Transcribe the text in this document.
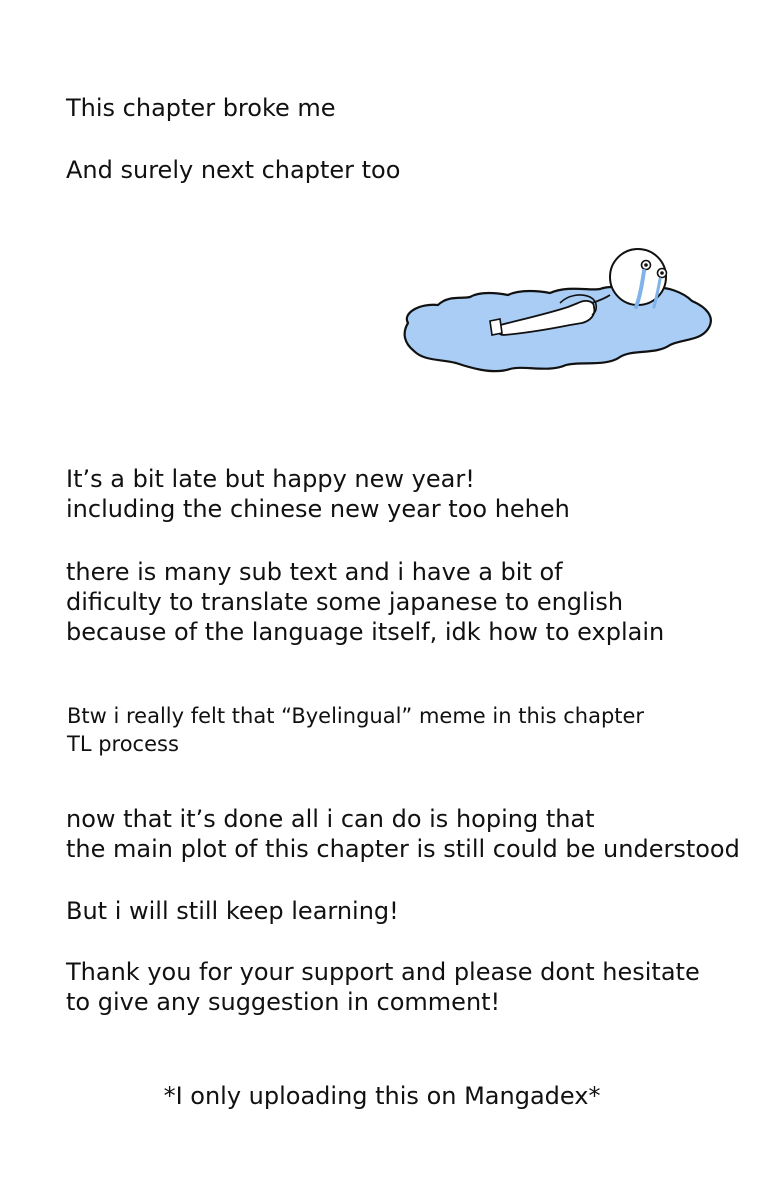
This chapter broke me
And surely next chapter too
It’s a bit late but happy new year!
including the chinese new year too heheh
there is many sub text and i have a bit of
dificulty to translate some japanese to english
because of the language itself, idk how to explain
Btw i really felt that “Byelingual” meme in this chapter
TL process
now that it’s done all i can do is hoping that
the main plot of this chapter is still could be understood
But i will still keep learning!
Thank you for your support and please dont hesitate
to give any suggestion in comment!
*I only uploading this on Mangadex*
